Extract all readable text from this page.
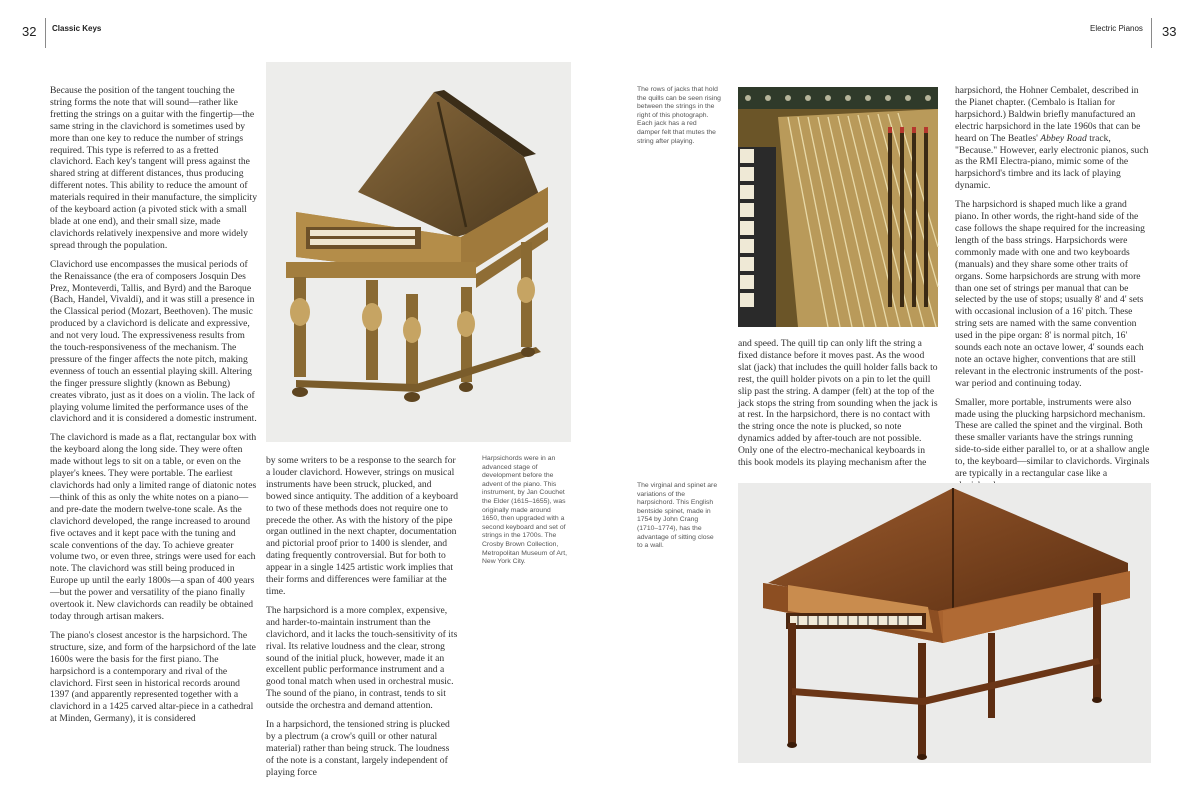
32 Classic Keys	Electric Pianos 33

Because the position of the tangent touching the string forms the note that will sound—rather like fretting the strings on a guitar with the fingertip—the same string in the clavichord is sometimes used by more than one key to reduce the number of strings required. This type is referred to as a fretted clavichord. Each key's tangent will press against the shared string at different distances, thus producing different notes. This ability to reduce the amount of materials required in their manufacture, the simplicity of the keyboard action (a pivoted stick with a small blade at one end), and their small size, made clavichords relatively inexpensive and more widely spread through the population.

Clavichord use encompasses the musical periods of the Renaissance (the era of composers Josquin Des Prez, Monteverdi, Tallis, and Byrd) and the Baroque (Bach, Handel, Vivaldi), and it was still a presence in the Classical period (Mozart, Beethoven). The music produced by a clavichord is delicate and expressive, and not very loud. The expressiveness results from the touch-responsiveness of the mechanism. The pressure of the finger affects the note pitch, making evenness of touch an essential playing skill. Altering the finger pressure slightly (known as Bebung) creates vibrato, just as it does on a violin. The lack of playing volume limited the performance uses of the clavichord and it is considered a domestic instrument.

The clavichord is made as a flat, rectangular box with the keyboard along the long side. They were often made without legs to sit on a table, or even on the player's knees. They were portable. The earliest clavichords had only a limited range of diatonic notes—think of this as only the white notes on a piano—and pre-date the modern twelve-tone scale. As the clavichord developed, the range increased to around five octaves and it kept pace with the tuning and scale conventions of the day. To achieve greater volume two, or even three, strings were used for each note. The clavichord was still being produced in Europe up until the early 1800s—a span of 400 years—but the power and versatility of the piano finally overtook it. New clavichords can readily be obtained today through artisan makers.

The piano's closest ancestor is the harpsichord. The structure, size, and form of the harpsichord of the late 1600s were the basis for the first piano. The harpsichord is a contemporary and rival of the clavichord. First seen in historical records around 1397 (and apparently represented together with a clavichord in a 1425 carved altar-piece in a cathedral at Minden, Germany), it is considered

by some writers to be a response to the search for a louder clavichord. However, strings on musical instruments have been struck, plucked, and bowed since antiquity. The addition of a keyboard to two of these methods does not require one to precede the other. As with the history of the pipe organ outlined in the next chapter, documentation and pictorial proof prior to 1400 is slender, and dating frequently controversial. But for both to appear in a single 1425 artistic work implies that their forms and differences were familiar at the time.

The harpsichord is a more complex, expensive, and harder-to-maintain instrument than the clavichord, and it lacks the touch-sensitivity of its rival. Its relative loudness and the clear, strong sound of the initial pluck, however, made it an excellent public performance instrument and a good tonal match when used in orchestral music. The sound of the piano, in contrast, tends to sit outside the orchestra and demand attention.

In a harpsichord, the tensioned string is plucked by a plectrum (a crow's quill or other natural material) rather than being struck. The loudness of the note is a constant, largely independent of playing force

Harpsichords were in an advanced stage of development before the advent of the piano. This instrument, by Jan Couchet the Elder (1615–1655), was originally made around 1650, then upgraded with a second keyboard and set of strings in the 1700s. The Crosby Brown Collection, Metropolitan Museum of Art, New York City.
The rows of jacks that hold the quills can be seen rising between the strings in the right of this photograph. Each jack has a red damper felt that mutes the string after playing.
The virginal and spinet are variations of the harpsichord. This English bentside spinet, made in 1754 by John Crang (1710–1774), has the advantage of sitting close to a wall.

and speed. The quill tip can only lift the string a fixed distance before it moves past. As the wood slat (jack) that includes the quill holder falls back to rest, the quill holder pivots on a pin to let the quill slip past the string. A damper (felt) at the top of the jack stops the string from sounding when the jack is at rest. In the harpsichord, there is no contact with the string once the note is plucked, so note dynamics added by after-touch are not possible. Only one of the electro-mechanical keyboards in this book models its playing mechanism after the

harpsichord, the Hohner Cembalet, described in the Pianet chapter. (Cembalo is Italian for harpsichord.) Baldwin briefly manufactured an electric harpsichord in the late 1960s that can be heard on The Beatles' Abbey Road track, "Because." However, early electronic pianos, such as the RMI Electra-piano, mimic some of the harpsichord's timbre and its lack of playing dynamic.

The harpsichord is shaped much like a grand piano. In other words, the right-hand side of the case follows the shape required for the increasing length of the bass strings. Harpsichords were commonly made with one and two keyboards (manuals) and they share some other traits of organs. Some harpsichords are strung with more than one set of strings per manual that can be selected by the use of stops; usually 8' and 4' sets with occasional inclusion of a 16' pitch. These string sets are named with the same convention used in the pipe organ: 8' is normal pitch, 16' sounds each note an octave lower, 4' sounds each note an octave higher, conventions that are still relevant in the electronic instruments of the post-war period and continuing today.

Smaller, more portable, instruments were also made using the plucking harpsichord mechanism. These are called the spinet and the virginal. Both these smaller variants have the strings running side-to-side either parallel to, or at a shallow angle to, the keyboard—similar to clavichords. Virginals are typically in a rectangular case like a
